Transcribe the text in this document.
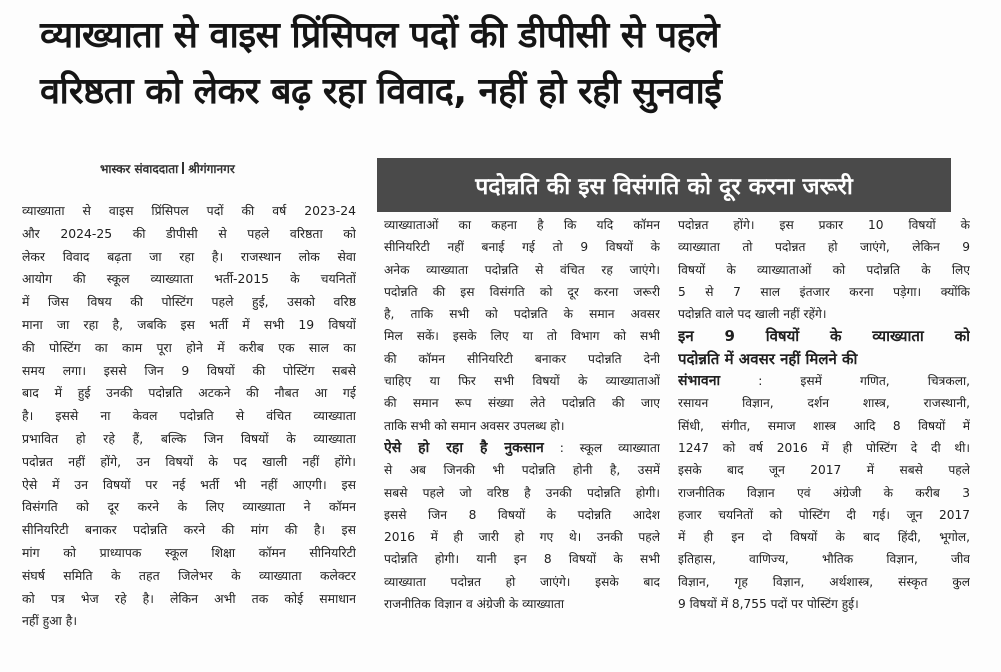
व्याख्याता से वाइस प्रिंसिपल पदों की डीपीसी से पहले
वरिष्ठता को लेकर बढ़ रहा विवाद, नहीं हो रही सुनवाई
भास्कर संवाददाता श्रीगंगानगर
पदोन्नति की इस विसंगति को दूर करना जरूरी
व्याख्याता से वाइस प्रिंसिपल पदों की वर्ष 2023-24
और 2024-25 की डीपीसी से पहले वरिष्ठता को
लेकर विवाद बढ़ता जा रहा है। राजस्थान लोक सेवा
आयोग की स्कूल व्याख्याता भर्ती-2015 के चयनितों
में जिस विषय की पोस्टिंग पहले हुई, उसको वरिष्ठ
माना जा रहा है, जबकि इस भर्ती में सभी 19 विषयों
की पोस्टिंग का काम पूरा होने में करीब एक साल का
समय लगा। इससे जिन 9 विषयों की पोस्टिंग सबसे
बाद में हुई उनकी पदोन्नति अटकने की नौबत आ गई
है। इससे ना केवल पदोन्नति से वंचित व्याख्याता
प्रभावित हो रहे हैं, बल्कि जिन विषयों के व्याख्याता
पदोन्नत नहीं होंगे, उन विषयों के पद खाली नहीं होंगे।
ऐसे में उन विषयों पर नई भर्ती भी नहीं आएगी। इस
विसंगति को दूर करने के लिए व्याख्याता ने कॉमन
सीनियरिटी बनाकर पदोन्नति करने की मांग की है। इस
मांग को प्राध्यापक स्कूल शिक्षा कॉमन सीनियरिटी
संघर्ष समिति के तहत जिलेभर के व्याख्याता कलेक्टर
को पत्र भेज रहे है। लेकिन अभी तक कोई समाधान
नहीं हुआ है।
व्याख्याताओं का कहना है कि यदि कॉमन
सीनियरिटी नहीं बनाई गई तो 9 विषयों के
अनेक व्याख्याता पदोन्नति से वंचित रह जाएंगे।
पदोन्नति की इस विसंगति को दूर करना जरूरी
है, ताकि सभी को पदोन्नति के समान अवसर
मिल सकें। इसके लिए या तो विभाग को सभी
की कॉमन सीनियरिटी बनाकर पदोन्नति देनी
चाहिए या फिर सभी विषयों के व्याख्याताओं
की समान रूप संख्या लेते पदोन्नति की जाए
ताकि सभी को समान अवसर उपलब्ध हो।
ऐसे हो रहा है नुकसान : स्कूल व्याख्याता
से अब जिनकी भी पदोन्नति होनी है, उसमें
सबसे पहले जो वरिष्ठ है उनकी पदोन्नति होगी।
इससे जिन 8 विषयों के पदोन्नति आदेश
2016 में ही जारी हो गए थे। उनकी पहले
पदोन्नति होगी। यानी इन 8 विषयों के सभी
व्याख्याता पदोन्नत हो जाएंगे। इसके बाद
राजनीतिक विज्ञान व अंग्रेजी के व्याख्याता
पदोन्नत होंगे। इस प्रकार 10 विषयों के
व्याख्याता तो पदोन्नत हो जाएंगे, लेकिन 9
विषयों के व्याख्याताओं को पदोन्नति के लिए
5 से 7 साल इंतजार करना पड़ेगा। क्योंकि
पदोन्नति वाले पद खाली नहीं रहेंगे।
इन 9 विषयों के व्याख्याता को
पदोन्नति में अवसर नहीं मिलने की
संभावना : इसमें गणित, चित्रकला,
रसायन विज्ञान, दर्शन शास्त्र, राजस्थानी,
सिंधी, संगीत, समाज शास्त्र आदि 8 विषयों में
1247 को वर्ष 2016 में ही पोस्टिंग दे दी थी।
इसके बाद जून 2017 में सबसे पहले
राजनीतिक विज्ञान एवं अंग्रेजी के करीब 3
हजार चयनितों को पोस्टिंग दी गई। जून 2017
में ही इन दो विषयों के बाद हिंदी, भूगोल,
इतिहास, वाणिज्य, भौतिक विज्ञान, जीव
विज्ञान, गृह विज्ञान, अर्थशास्त्र, संस्कृत कुल
9 विषयों में 8,755 पदों पर पोस्टिंग हुई।
